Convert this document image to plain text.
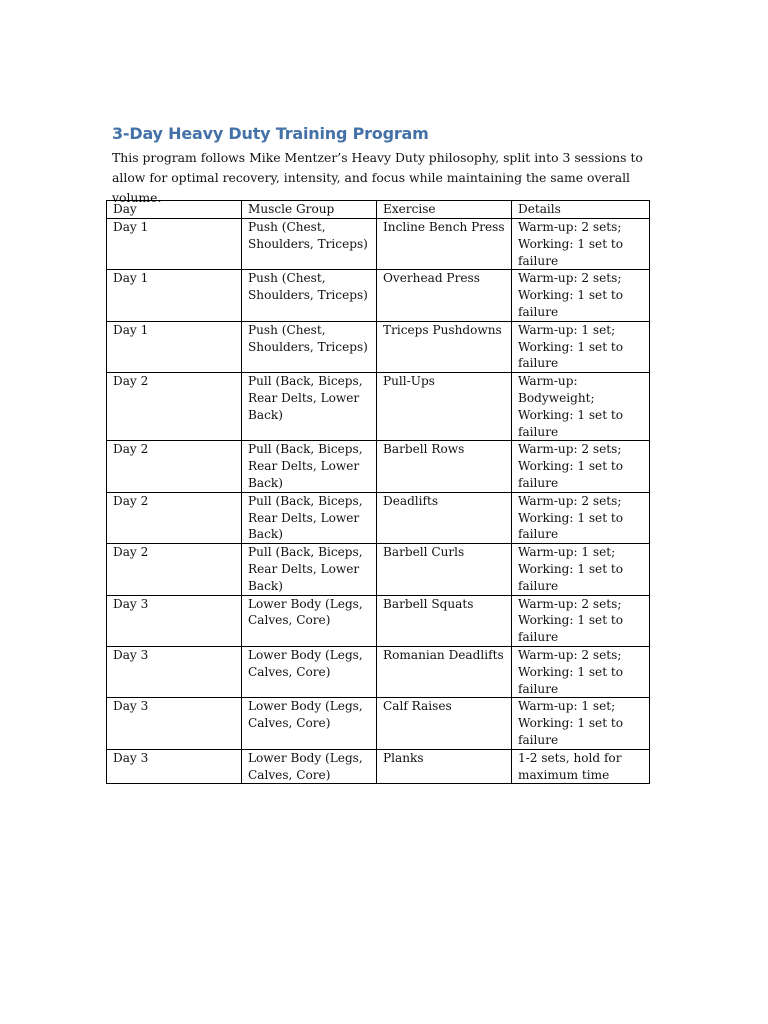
3-Day Heavy Duty Training Program

This program follows Mike Mentzer’s Heavy Duty philosophy, split into 3 sessions to allow for optimal recovery, intensity, and focus while maintaining the same overall volume.

Day	Muscle Group	Exercise	Details
Day 1	Push (Chest, Shoulders, Triceps)	Incline Bench Press	Warm-up: 2 sets; Working: 1 set to failure
Day 1	Push (Chest, Shoulders, Triceps)	Overhead Press	Warm-up: 2 sets; Working: 1 set to failure
Day 1	Push (Chest, Shoulders, Triceps)	Triceps Pushdowns	Warm-up: 1 set; Working: 1 set to failure
Day 2	Pull (Back, Biceps, Rear Delts, Lower Back)	Pull-Ups	Warm-up: Bodyweight; Working: 1 set to failure
Day 2	Pull (Back, Biceps, Rear Delts, Lower Back)	Barbell Rows	Warm-up: 2 sets; Working: 1 set to failure
Day 2	Pull (Back, Biceps, Rear Delts, Lower Back)	Deadlifts	Warm-up: 2 sets; Working: 1 set to failure
Day 2	Pull (Back, Biceps, Rear Delts, Lower Back)	Barbell Curls	Warm-up: 1 set; Working: 1 set to failure
Day 3	Lower Body (Legs, Calves, Core)	Barbell Squats	Warm-up: 2 sets; Working: 1 set to failure
Day 3	Lower Body (Legs, Calves, Core)	Romanian Deadlifts	Warm-up: 2 sets; Working: 1 set to failure
Day 3	Lower Body (Legs, Calves, Core)	Calf Raises	Warm-up: 1 set; Working: 1 set to failure
Day 3	Lower Body (Legs, Calves, Core)	Planks	1-2 sets, hold for maximum time
